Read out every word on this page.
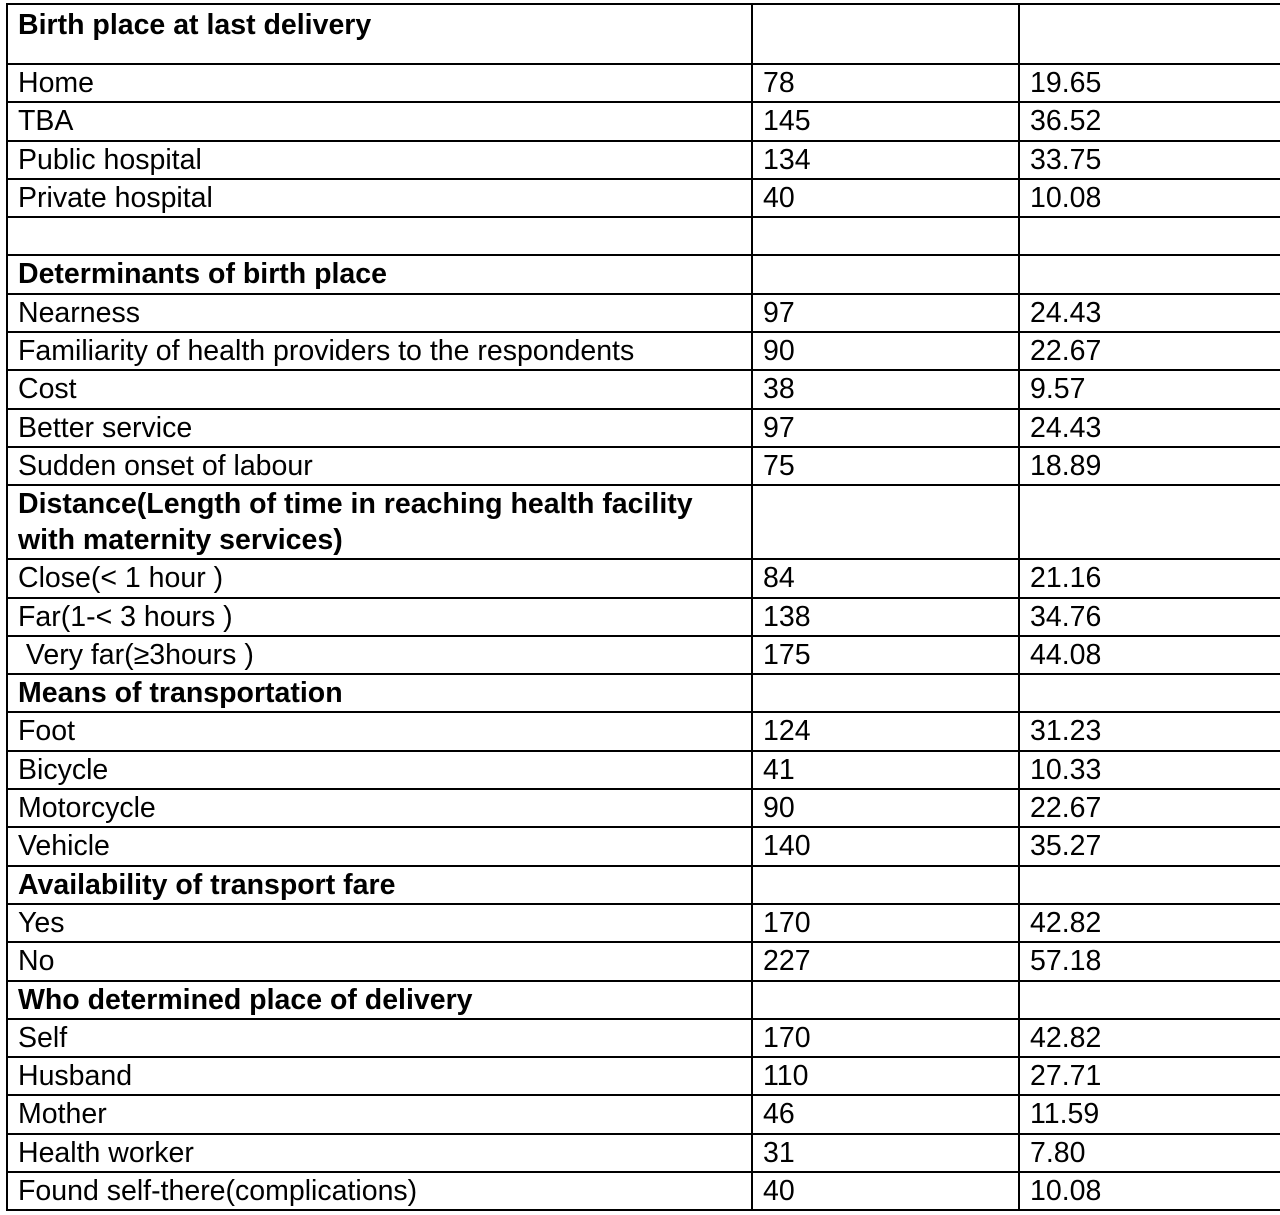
Birth place at last delivery		
Home	78	19.65
TBA	145	36.52
Public hospital	134	33.75
Private hospital	40	10.08

Determinants of birth place		
Nearness	97	24.43
Familiarity of health providers to the respondents	90	22.67
Cost	38	9.57
Better service	97	24.43
Sudden onset of labour	75	18.89
Distance(Length of time in reaching health facility with maternity services)		
Close(< 1 hour )	84	21.16
Far(1-< 3 hours )	138	34.76
Very far(≥3hours )	175	44.08
Means of transportation		
Foot	124	31.23
Bicycle	41	10.33
Motorcycle	90	22.67
Vehicle	140	35.27
Availability of transport fare		
Yes	170	42.82
No	227	57.18
Who determined place of delivery		
Self	170	42.82
Husband	110	27.71
Mother	46	11.59
Health worker	31	7.80
Found self-there(complications)	40	10.08
